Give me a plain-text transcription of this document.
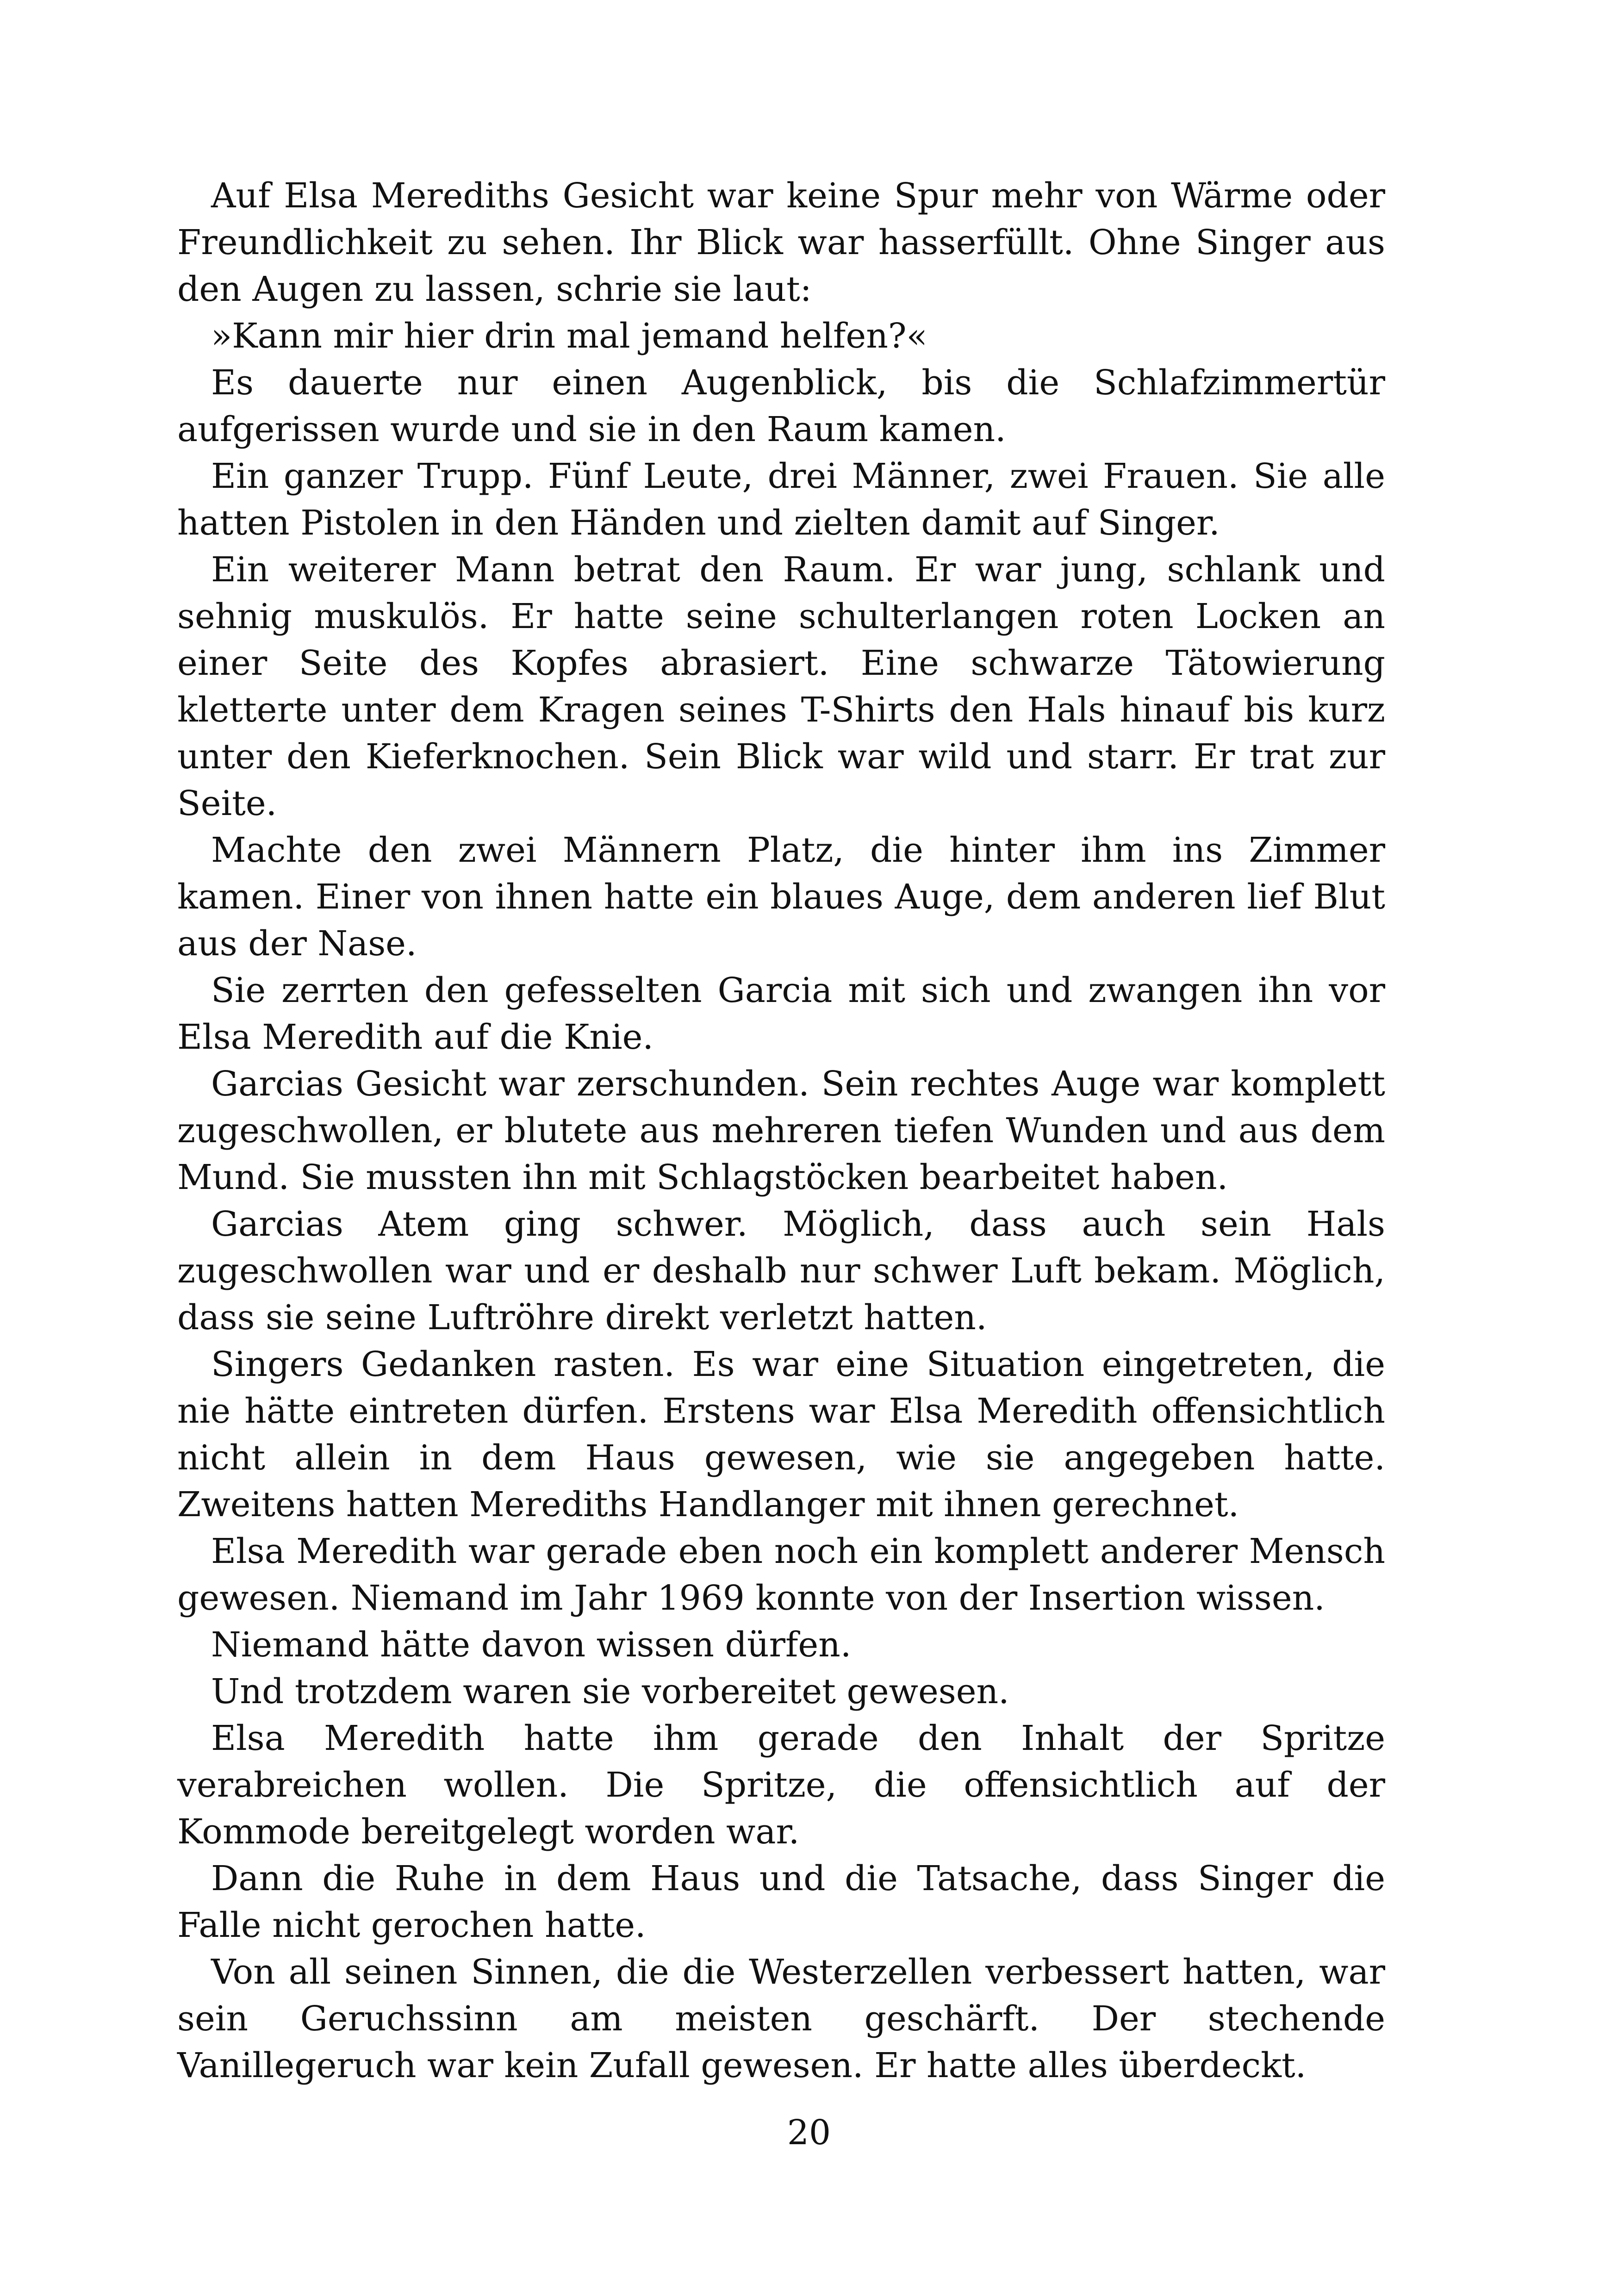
Auf Elsa Merediths Gesicht war keine Spur mehr von Wärme oder Freundlichkeit zu sehen. Ihr Blick war hasserfüllt. Ohne Singer aus den Augen zu lassen, schrie sie laut:

»Kann mir hier drin mal jemand helfen?«

Es dauerte nur einen Augenblick, bis die Schlafzimmertür aufgerissen wurde und sie in den Raum kamen.

Ein ganzer Trupp. Fünf Leute, drei Männer, zwei Frauen. Sie alle hatten Pistolen in den Händen und zielten damit auf Singer.

Ein weiterer Mann betrat den Raum. Er war jung, schlank und sehnig muskulös. Er hatte seine schulterlangen roten Locken an einer Seite des Kopfes abrasiert. Eine schwarze Tätowierung kletterte unter dem Kragen seines T-Shirts den Hals hinauf bis kurz unter den Kieferknochen. Sein Blick war wild und starr. Er trat zur Seite.

Machte den zwei Männern Platz, die hinter ihm ins Zimmer kamen. Einer von ihnen hatte ein blaues Auge, dem anderen lief Blut aus der Nase.

Sie zerrten den gefesselten Garcia mit sich und zwangen ihn vor Elsa Meredith auf die Knie.

Garcias Gesicht war zerschunden. Sein rechtes Auge war komplett zugeschwollen, er blutete aus mehreren tiefen Wunden und aus dem Mund. Sie mussten ihn mit Schlagstöcken bearbeitet haben.

Garcias Atem ging schwer. Möglich, dass auch sein Hals zugeschwollen war und er deshalb nur schwer Luft bekam. Möglich, dass sie seine Luftröhre direkt verletzt hatten.

Singers Gedanken rasten. Es war eine Situation eingetreten, die nie hätte eintreten dürfen. Erstens war Elsa Meredith offensichtlich nicht allein in dem Haus gewesen, wie sie angegeben hatte. Zweitens hatten Merediths Handlanger mit ihnen gerechnet.

Elsa Meredith war gerade eben noch ein komplett anderer Mensch gewesen. Niemand im Jahr 1969 konnte von der Insertion wissen.

Niemand hätte davon wissen dürfen.

Und trotzdem waren sie vorbereitet gewesen.

Elsa Meredith hatte ihm gerade den Inhalt der Spritze verabreichen wollen. Die Spritze, die offensichtlich auf der Kommode bereitgelegt worden war.

Dann die Ruhe in dem Haus und die Tatsache, dass Singer die Falle nicht gerochen hatte.

Von all seinen Sinnen, die die Westerzellen verbessert hatten, war sein Geruchssinn am meisten geschärft. Der stechende Vanillegeruch war kein Zufall gewesen. Er hatte alles überdeckt.

20
